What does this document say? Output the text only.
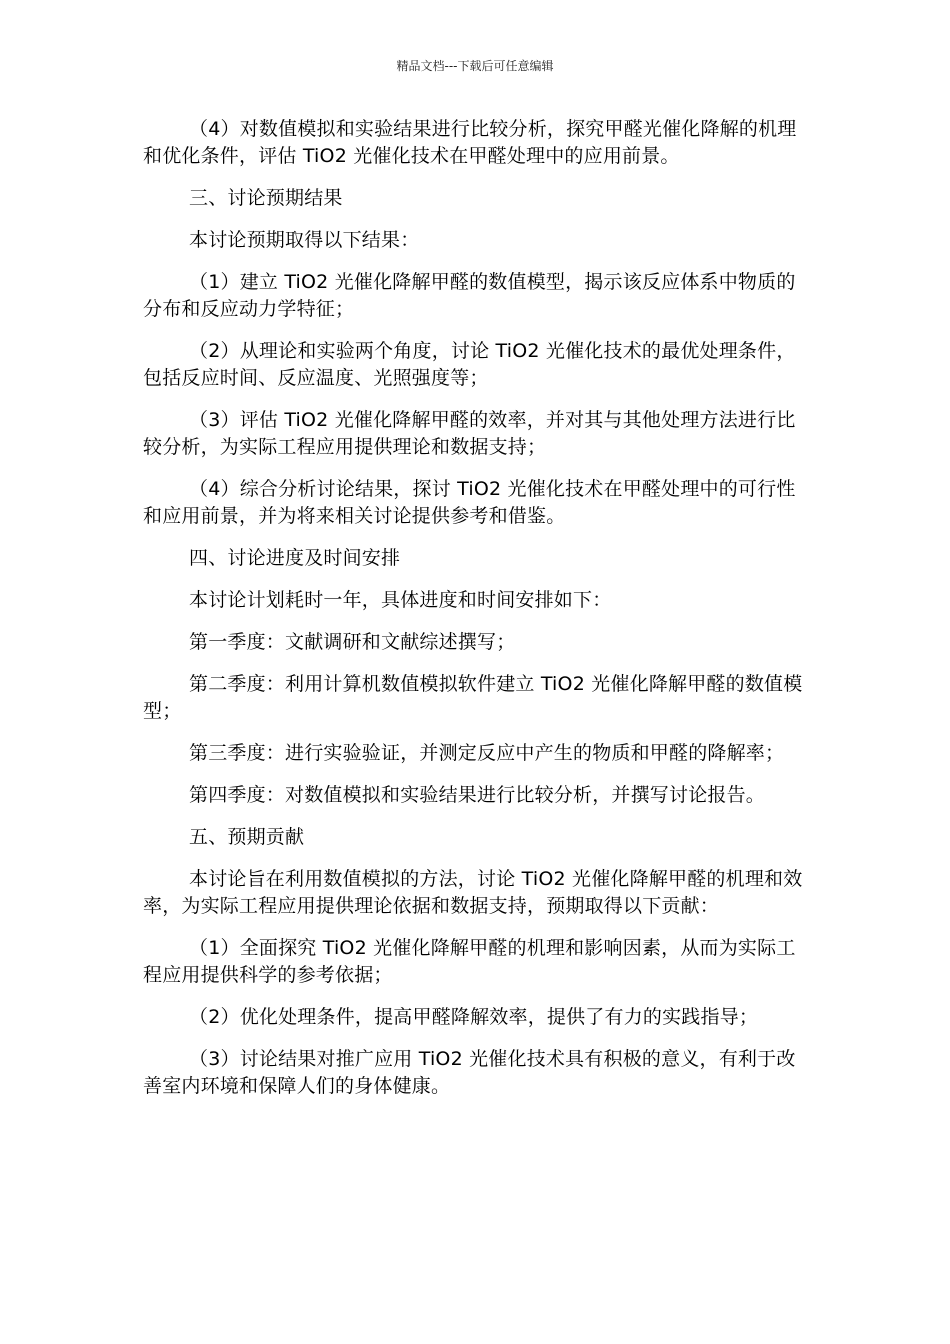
精品文档---下载后可任意编辑

（4）对数值模拟和实验结果进行比较分析，探究甲醛光催化降解的机理和优化条件，评估 TiO2 光催化技术在甲醛处理中的应用前景。

三、讨论预期结果

本讨论预期取得以下结果：

（1）建立 TiO2 光催化降解甲醛的数值模型，揭示该反应体系中物质的分布和反应动力学特征；

（2）从理论和实验两个角度，讨论 TiO2 光催化技术的最优处理条件，包括反应时间、反应温度、光照强度等；

（3）评估 TiO2 光催化降解甲醛的效率，并对其与其他处理方法进行比较分析，为实际工程应用提供理论和数据支持；

（4）综合分析讨论结果，探讨 TiO2 光催化技术在甲醛处理中的可行性和应用前景，并为将来相关讨论提供参考和借鉴。

四、讨论进度及时间安排

本讨论计划耗时一年，具体进度和时间安排如下：

第一季度：文献调研和文献综述撰写；

第二季度：利用计算机数值模拟软件建立 TiO2 光催化降解甲醛的数值模型；

第三季度：进行实验验证，并测定反应中产生的物质和甲醛的降解率；

第四季度：对数值模拟和实验结果进行比较分析，并撰写讨论报告。

五、预期贡献

本讨论旨在利用数值模拟的方法，讨论 TiO2 光催化降解甲醛的机理和效率，为实际工程应用提供理论依据和数据支持，预期取得以下贡献：

（1）全面探究 TiO2 光催化降解甲醛的机理和影响因素，从而为实际工程应用提供科学的参考依据；

（2）优化处理条件，提高甲醛降解效率，提供了有力的实践指导；

（3）讨论结果对推广应用 TiO2 光催化技术具有积极的意义，有利于改善室内环境和保障人们的身体健康。
